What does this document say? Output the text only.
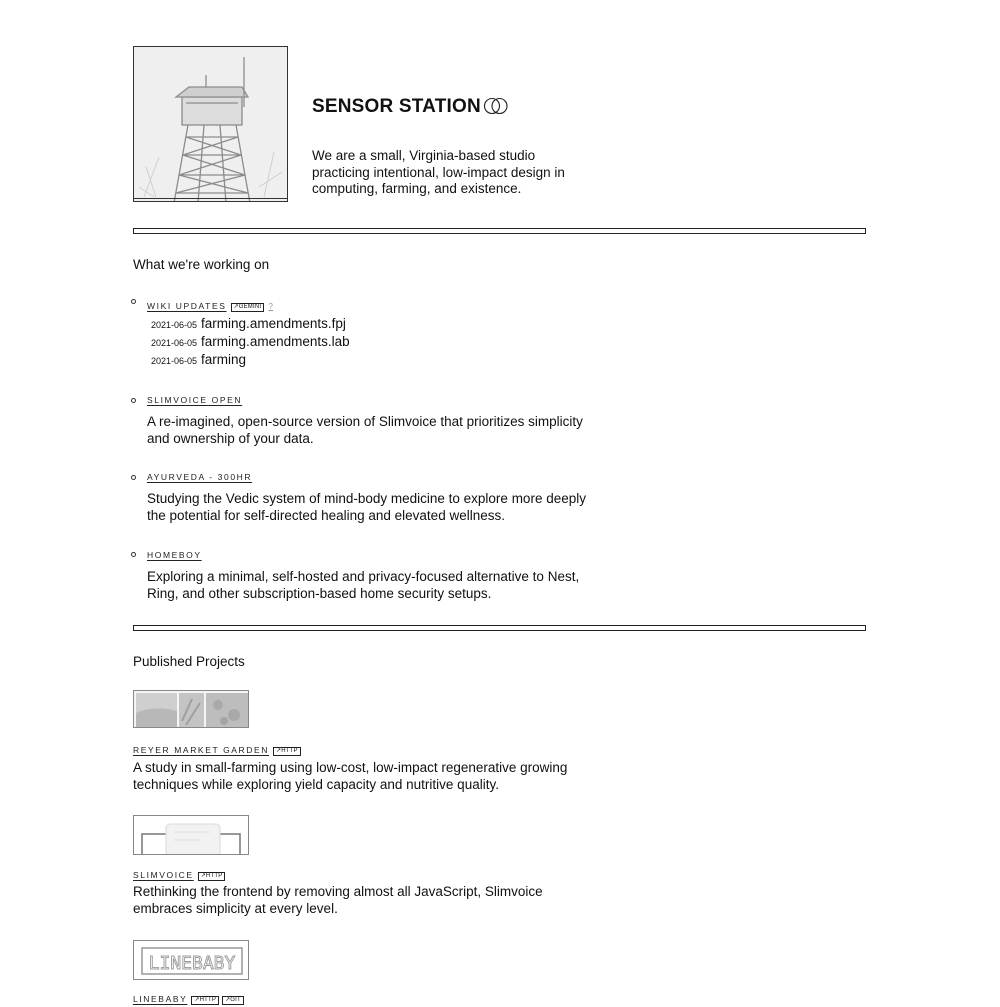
SENSOR STATION

We are a small, Virginia-based studio practicing intentional, low-impact design in computing, farming, and existence.

What we're working on
WIKI UPDATES ↗GEMINI ?
2021-06-05 farming.amendments.fpj
2021-06-05 farming.amendments.lab
2021-06-05 farming
SLIMVOICE OPEN

A re-imagined, open-source version of Slimvoice that prioritizes simplicity and ownership of your data.

AYURVEDA - 300HR

Studying the Vedic system of mind-body medicine to explore more deeply the potential for self-directed healing and elevated wellness.

HOMEBOY

Exploring a minimal, self-hosted and privacy-focused alternative to Nest, Ring, and other subscription-based home security setups.

Published Projects
REYER MARKET GARDEN ↗HTTP

A study in small-farming using low-cost, low-impact regenerative growing techniques while exploring yield capacity and nutritive quality.

SLIMVOICE ↗HTTP

Rethinking the frontend by removing almost all JavaScript, Slimvoice embraces simplicity at every level.

LINEBABY
LINEBABY ↗HTTP ↗GIT
